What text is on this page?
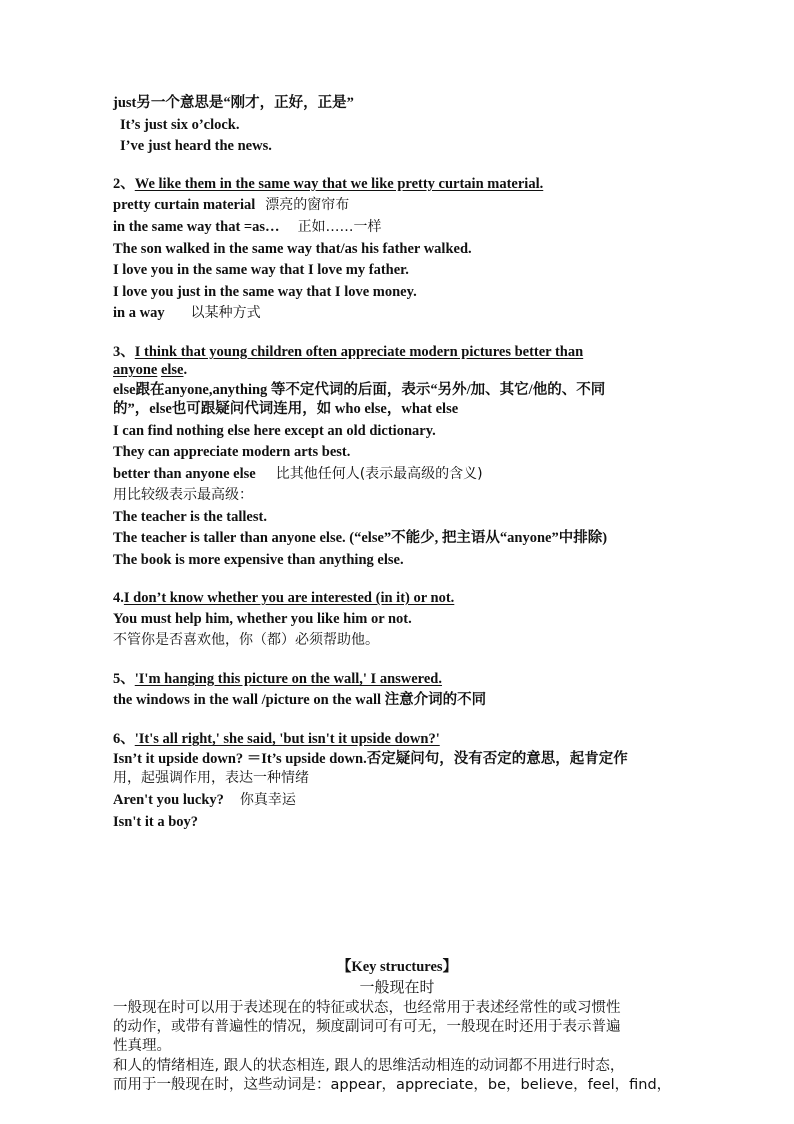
just另一个意思是“刚才，正好，正是”
It’s just six o’clock.
I’ve just heard the news.
2、We like them in the same way that we like pretty curtain material.
pretty curtain material 漂亮的窗帘布
in the same way that =as… 正如……一样
The son walked in the same way that/as his father walked.
I love you in the same way that I love my father.
I love you just in the same way that I love money.
in a way 以某种方式
3、I think that young children often appreciate modern pictures better than
anyone else.
else跟在anyone,anything 等不定代词的后面，表示“另外/加、其它/他的、不同
的”，else也可跟疑问代词连用，如 who else，what else
I can find nothing else here except an old dictionary.
They can appreciate modern arts best.
better than anyone else 比其他任何人(表示最高级的含义)
用比较级表示最高级：
The teacher is the tallest.
The teacher is taller than anyone else. (“else”不能少, 把主语从“anyone”中排除)
The book is more expensive than anything else.
4.I don’t know whether you are interested (in it) or not.
You must help him, whether you like him or not.
不管你是否喜欢他，你（都）必须帮助他。
5、'I'm hanging this picture on the wall,' I answered.
the windows in the wall /picture on the wall 注意介词的不同
6、'It's all right,' she said, 'but isn't it upside down?'
Isn’t it upside down? ＝It’s upside down.否定疑问句，没有否定的意思，起肯定作
用，起强调作用，表达一种情绪
Aren't you lucky? 你真幸运
Isn't it a boy?
【Key structures】
一般现在时
一般现在时可以用于表述现在的特征或状态，也经常用于表述经常性的或习惯性
的动作，或带有普遍性的情况，频度副词可有可无，一般现在时还用于表示普遍
性真理。
和人的情绪相连, 跟人的状态相连, 跟人的思维活动相连的动词都不用进行时态，
而用于一般现在时，这些动词是：appear，appreciate，be，believe，feel，find，
